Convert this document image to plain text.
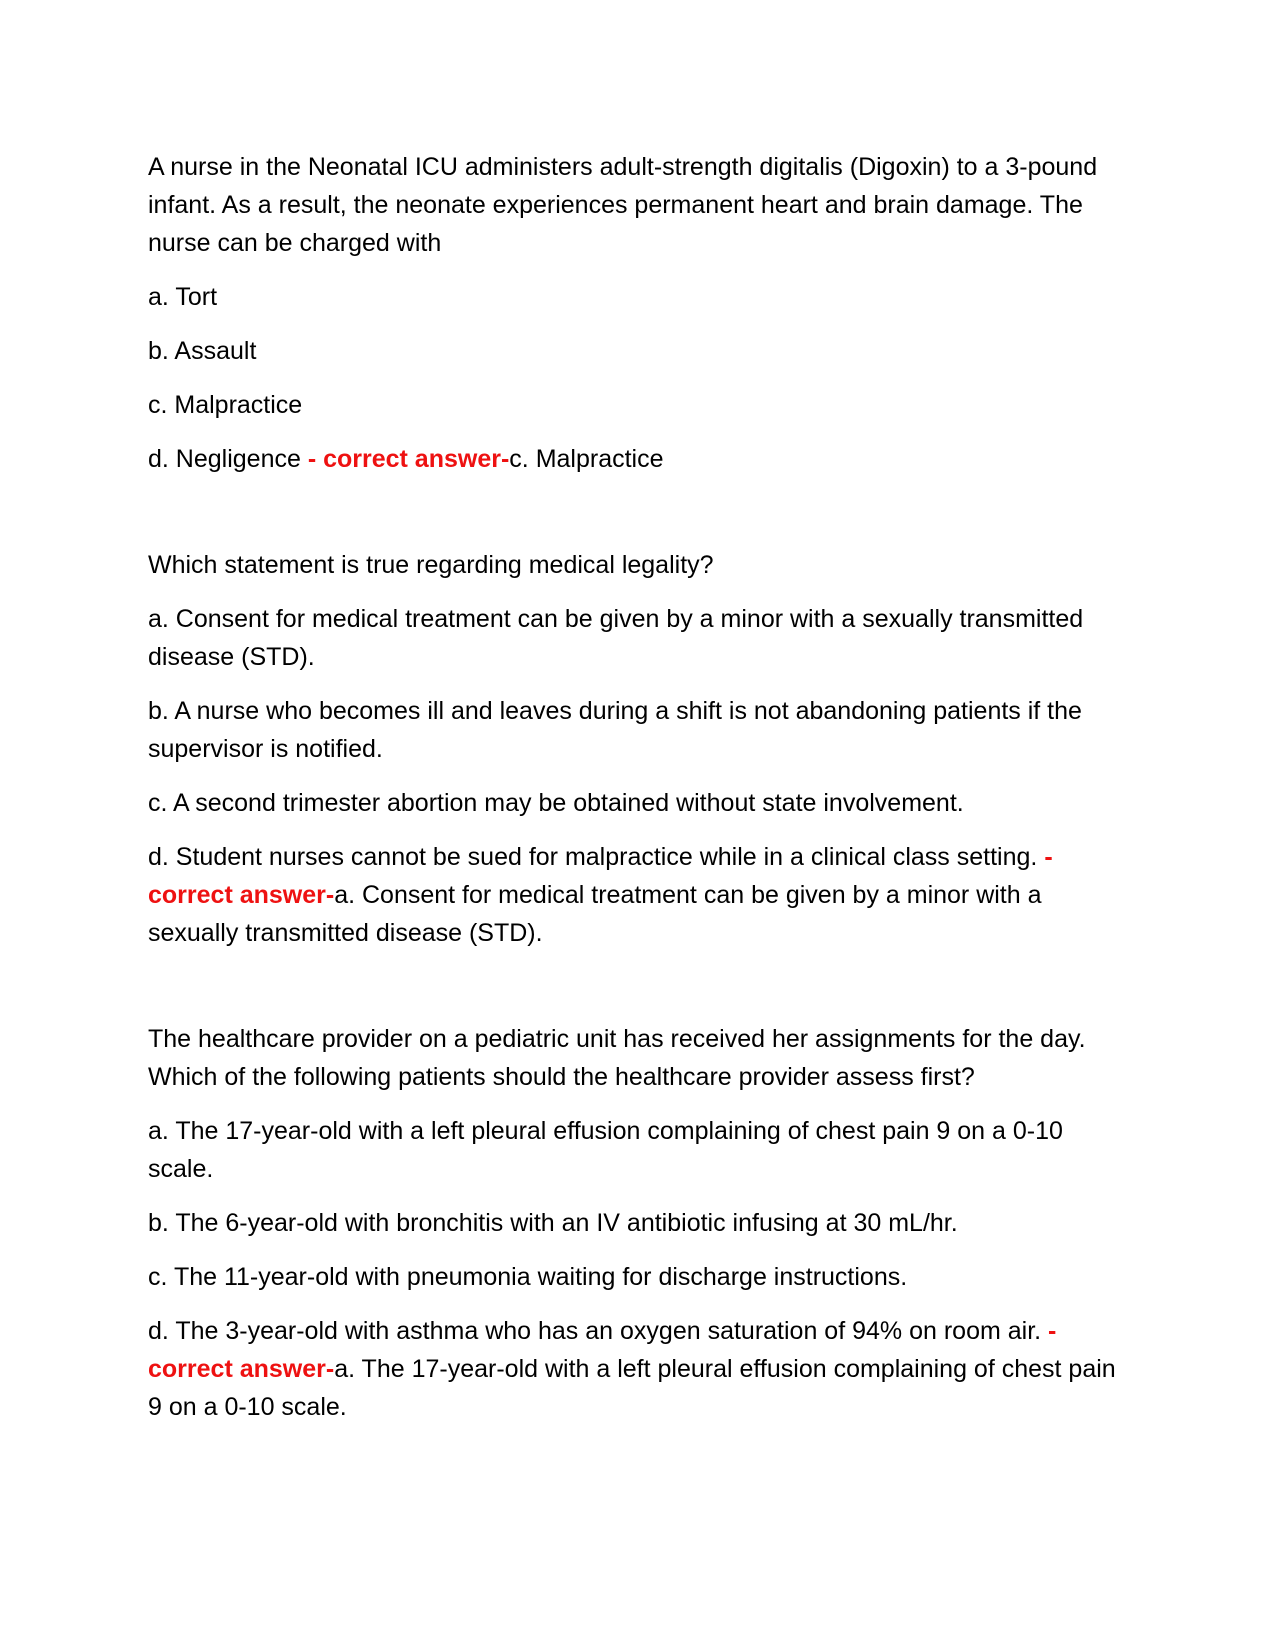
A nurse in the Neonatal ICU administers adult-strength digitalis (Digoxin) to a 3-pound infant. As a result, the neonate experiences permanent heart and brain damage. The nurse can be charged with

a. Tort

b. Assault

c. Malpractice

d. Negligence - correct answer-c. Malpractice

Which statement is true regarding medical legality?

a. Consent for medical treatment can be given by a minor with a sexually transmitted disease (STD).

b. A nurse who becomes ill and leaves during a shift is not abandoning patients if the supervisor is notified.

c. A second trimester abortion may be obtained without state involvement.

d. Student nurses cannot be sued for malpractice while in a clinical class setting. - correct answer-a. Consent for medical treatment can be given by a minor with a sexually transmitted disease (STD).

The healthcare provider on a pediatric unit has received her assignments for the day. Which of the following patients should the healthcare provider assess first?

a. The 17-year-old with a left pleural effusion complaining of chest pain 9 on a 0-10 scale.

b. The 6-year-old with bronchitis with an IV antibiotic infusing at 30 mL/hr.

c. The 11-year-old with pneumonia waiting for discharge instructions.

d. The 3-year-old with asthma who has an oxygen saturation of 94% on room air. - correct answer-a. The 17-year-old with a left pleural effusion complaining of chest pain 9 on a 0-10 scale.
